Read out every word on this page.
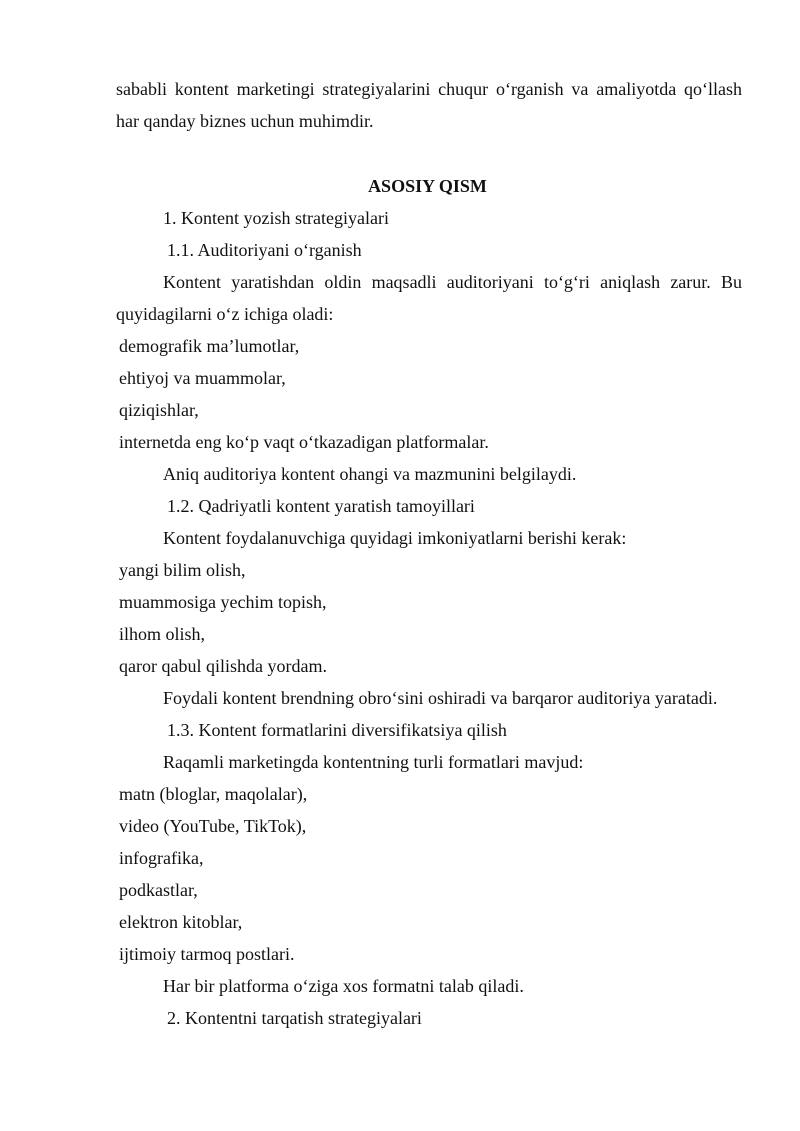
sababli kontent marketingi strategiyalarini chuqur o‘rganish va amaliyotda qo‘llash
har qanday biznes uchun muhimdir.
ASOSIY QISM
1. Kontent yozish strategiyalari
1.1. Auditoriyani o‘rganish
Kontent yaratishdan oldin maqsadli auditoriyani to‘g‘ri aniqlash zarur. Bu
quyidagilarni o‘z ichiga oladi:
demografik ma’lumotlar,
ehtiyoj va muammolar,
qiziqishlar,
internetda eng ko‘p vaqt o‘tkazadigan platformalar.
Aniq auditoriya kontent ohangi va mazmunini belgilaydi.
1.2. Qadriyatli kontent yaratish tamoyillari
Kontent foydalanuvchiga quyidagi imkoniyatlarni berishi kerak:
yangi bilim olish,
muammosiga yechim topish,
ilhom olish,
qaror qabul qilishda yordam.
Foydali kontent brendning obro‘sini oshiradi va barqaror auditoriya yaratadi.
1.3. Kontent formatlarini diversifikatsiya qilish
Raqamli marketingda kontentning turli formatlari mavjud:
matn (bloglar, maqolalar),
video (YouTube, TikTok),
infografika,
podkastlar,
elektron kitoblar,
ijtimoiy tarmoq postlari.
Har bir platforma o‘ziga xos formatni talab qiladi.
2. Kontentni tarqatish strategiyalari
